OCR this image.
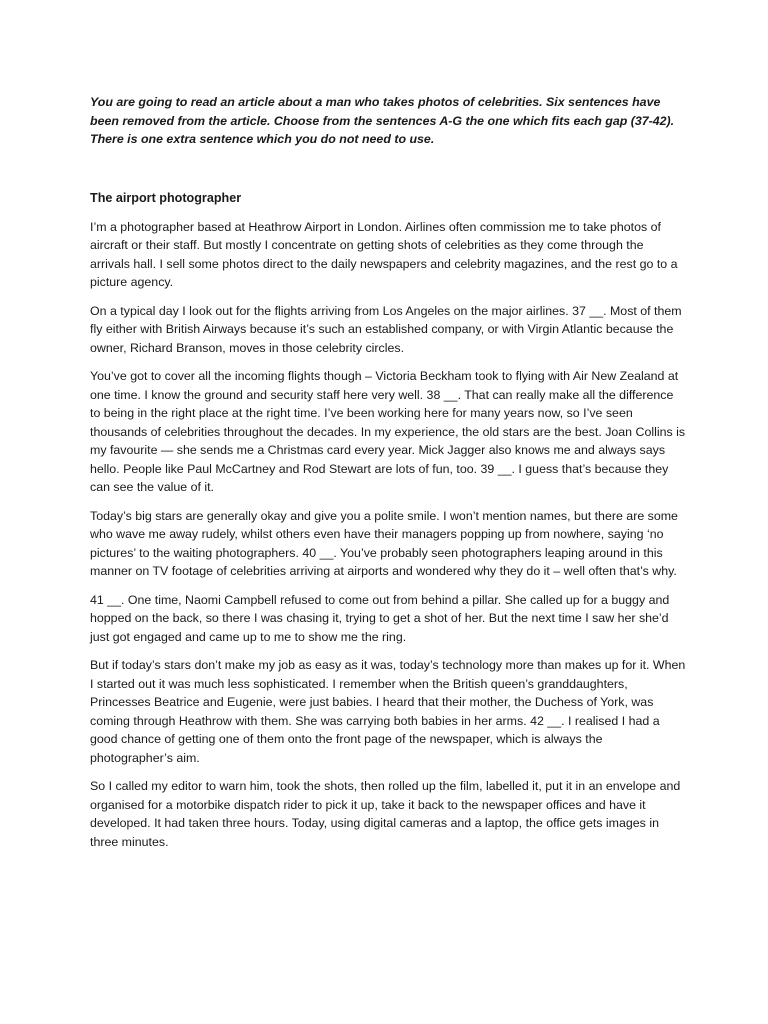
You are going to read an article about a man who takes photos of celebrities. Six sentences have been removed from the article. Choose from the sentences A-G the one which fits each gap (37-42). There is one extra sentence which you do not need to use.

The airport photographer

I’m a photographer based at Heathrow Airport in London. Airlines often commission me to take photos of aircraft or their staff. But mostly I concentrate on getting shots of celebrities as they come through the arrivals hall. I sell some photos direct to the daily newspapers and celebrity magazines, and the rest go to a picture agency.

On a typical day I look out for the flights arriving from Los Angeles on the major airlines. 37 __. Most of them fly either with British Airways because it’s such an established company, or with Virgin Atlantic because the owner, Richard Branson, moves in those celebrity circles.

You’ve got to cover all the incoming flights though – Victoria Beckham took to flying with Air New Zealand at one time. I know the ground and security staff here very well. 38 __. That can really make all the difference to being in the right place at the right time. I’ve been working here for many years now, so I’ve seen thousands of celebrities throughout the decades. In my experience, the old stars are the best. Joan Collins is my favourite — she sends me a Christmas card every year. Mick Jagger also knows me and always says hello. People like Paul McCartney and Rod Stewart are lots of fun, too. 39 __. I guess that’s because they can see the value of it.

Today’s big stars are generally okay and give you a polite smile. I won’t mention names, but there are some who wave me away rudely, whilst others even have their managers popping up from nowhere, saying ‘no pictures’ to the waiting photographers. 40 __. You’ve probably seen photographers leaping around in this manner on TV footage of celebrities arriving at airports and wondered why they do it – well often that’s why.

41 __. One time, Naomi Campbell refused to come out from behind a pillar. She called up for a buggy and hopped on the back, so there I was chasing it, trying to get a shot of her. But the next time I saw her she’d just got engaged and came up to me to show me the ring.

But if today’s stars don’t make my job as easy as it was, today’s technology more than makes up for it. When I started out it was much less sophisticated. I remember when the British queen’s granddaughters, Princesses Beatrice and Eugenie, were just babies. I heard that their mother, the Duchess of York, was coming through Heathrow with them. She was carrying both babies in her arms. 42 __. I realised I had a good chance of getting one of them onto the front page of the newspaper, which is always the photographer’s aim.

So I called my editor to warn him, took the shots, then rolled up the film, labelled it, put it in an envelope and organised for a motorbike dispatch rider to pick it up, take it back to the newspaper offices and have it developed. It had taken three hours. Today, using digital cameras and a laptop, the office gets images in three minutes.
